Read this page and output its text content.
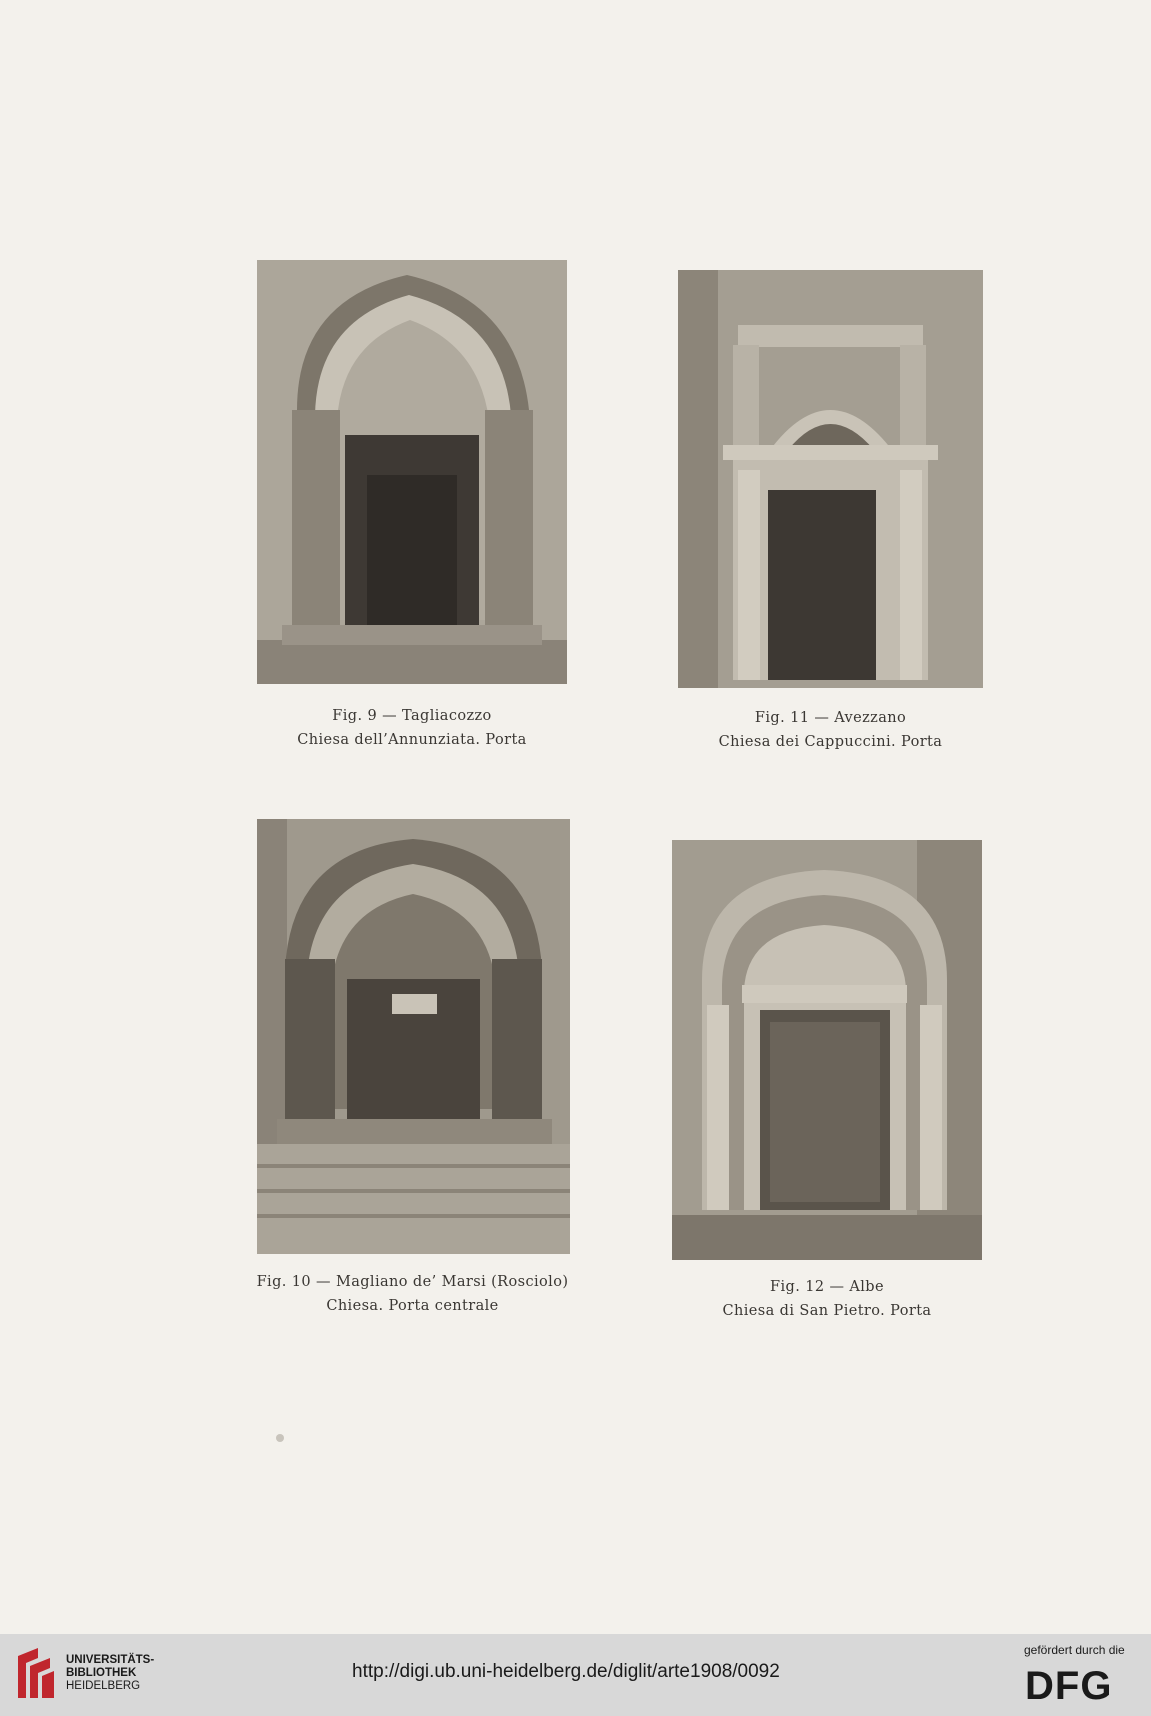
Fig. 9 — Tagliacozzo
Chiesa dell’Annunziata. Porta
Fig. 11 — Avezzano
Chiesa dei Cappuccini. Porta
Fig. 10 — Magliano de’ Marsi (Rosciolo)
Chiesa. Porta centrale
Fig. 12 — Albe
Chiesa di San Pietro. Porta
UNIVERSITÄTS-
BIBLIOTHEK
HEIDELBERG
http://digi.ub.uni-heidelberg.de/diglit/arte1908/0092
gefördert durch die
DFG
